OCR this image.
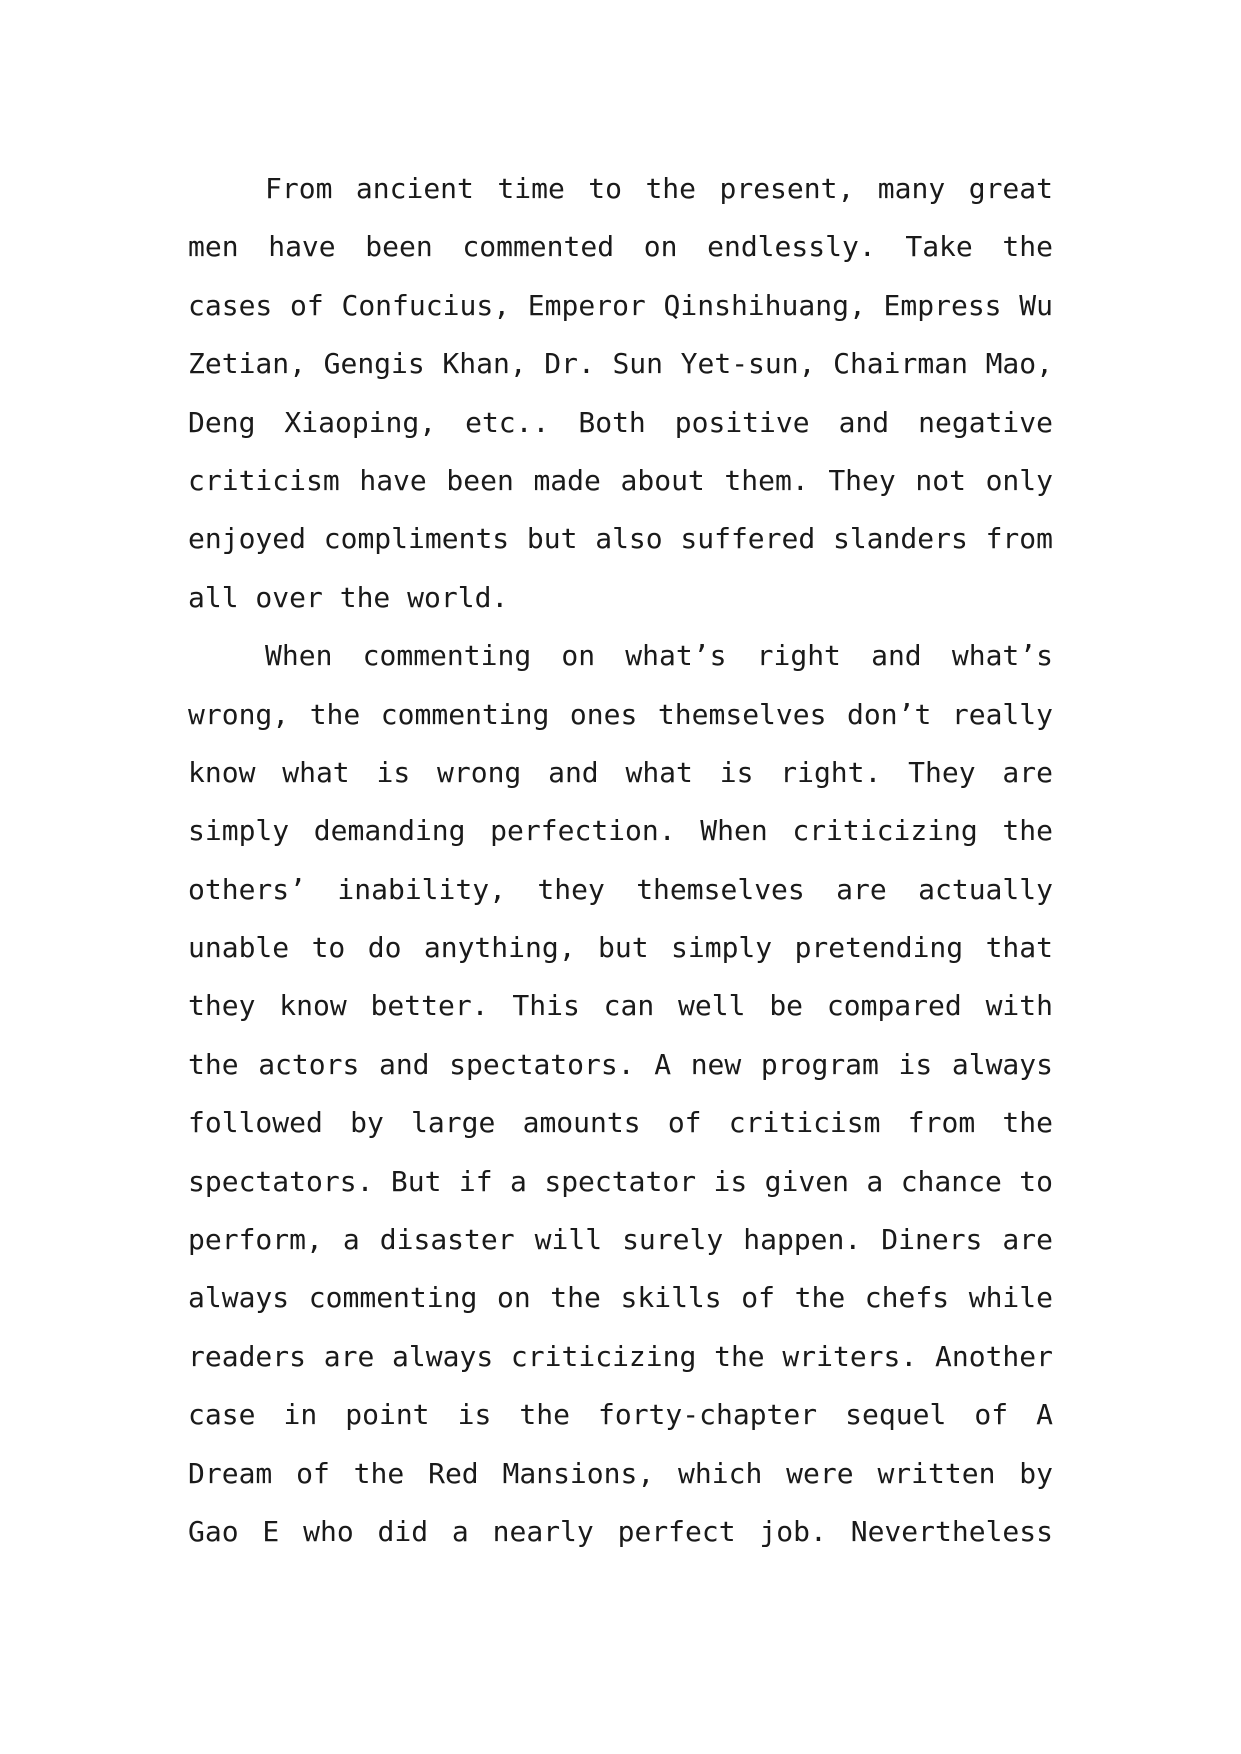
From ancient time to the present, many great
men have been commented on endlessly. Take the
cases of Confucius, Emperor Qinshihuang, Empress Wu
Zetian, Gengis Khan, Dr. Sun Yet-sun, Chairman Mao,
Deng Xiaoping, etc.. Both positive and negative
criticism have been made about them. They not only
enjoyed compliments but also suffered slanders from
all over the world.
When commenting on what’s right and what’s
wrong, the commenting ones themselves don’t really
know what is wrong and what is right. They are
simply demanding perfection. When criticizing the
others’ inability, they themselves are actually
unable to do anything, but simply pretending that
they know better. This can well be compared with
the actors and spectators. A new program is always
followed by large amounts of criticism from the
spectators. But if a spectator is given a chance to
perform, a disaster will surely happen. Diners are
always commenting on the skills of the chefs while
readers are always criticizing the writers. Another
case in point is the forty-chapter sequel of A
Dream of the Red Mansions, which were written by
Gao E who did a nearly perfect job. Nevertheless
